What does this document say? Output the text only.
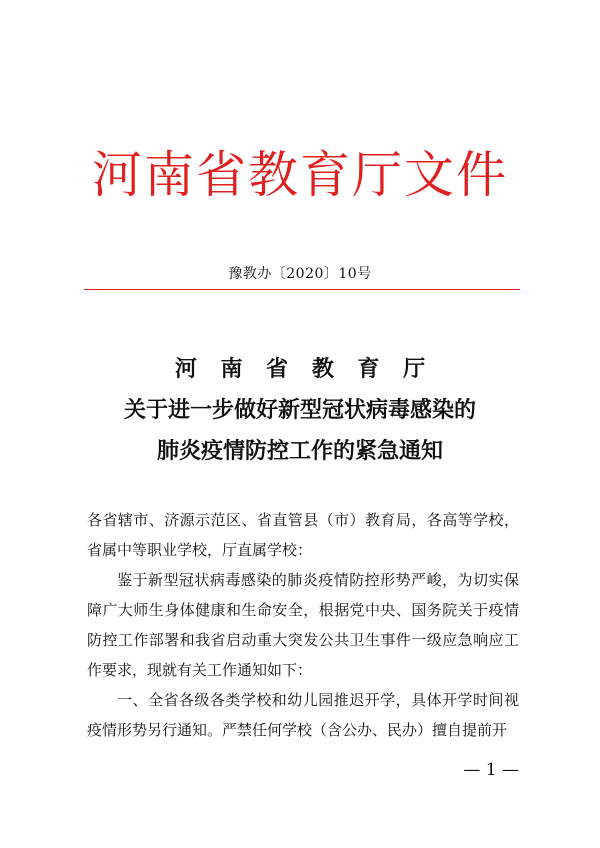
河南省教育厅文件
豫教办〔2020〕10号
河 南 省 教 育 厅
关于进一步做好新型冠状病毒感染的
肺炎疫情防控工作的紧急通知

各省辖市、济源示范区、省直管县（市）教育局，各高等学校，省属中等职业学校，厅直属学校：

鉴于新型冠状病毒感染的肺炎疫情防控形势严峻，为切实保障广大师生身体健康和生命安全，根据党中央、国务院关于疫情防控工作部署和我省启动重大突发公共卫生事件一级应急响应工作要求，现就有关工作通知如下：

一、全省各级各类学校和幼儿园推迟开学，具体开学时间视疫情形势另行通知。严禁任何学校（含公办、民办）擅自提前开

— 1 —
